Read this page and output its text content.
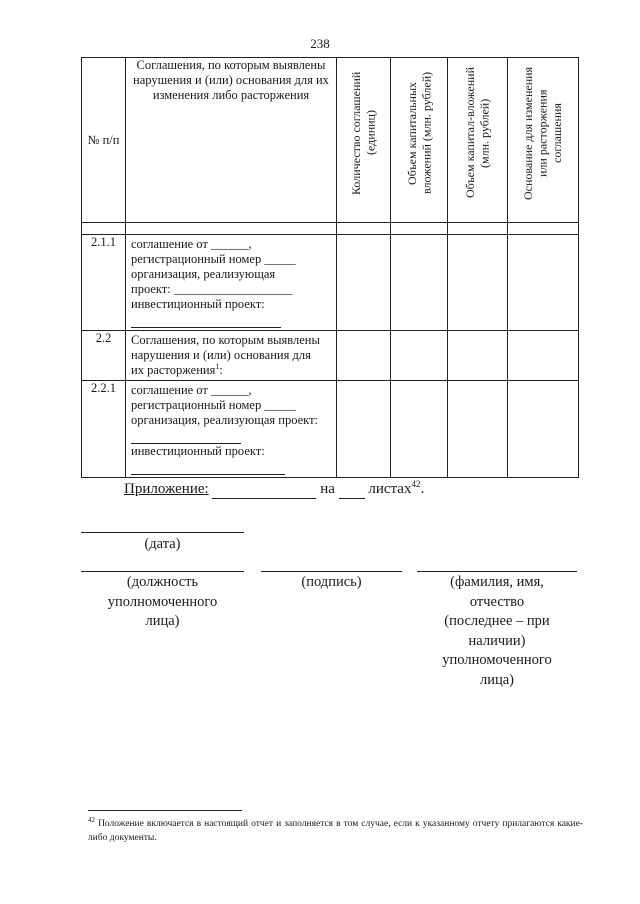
238
№ п/п	Соглашения, по которым выявлены нарушения и (или) основания для их изменения либо расторжения	Количество соглашений (единиц)	Объем капитальных вложений (млн. рублей)	Объем капитал-вложений (млн. рублей)	Основание для изменения или расторжения соглашения

2.1.1	соглашение от ______,
регистрационный номер _____
организация, реализующая
проект: ___________________
инвестиционный проект:				

2.2	Соглашения, по которым выявлены
нарушения и (или) основания для
их расторжения$^1$:				

2.2.1	соглашение от ______,
регистрационный номер _____
организация, реализующая проект:

инвестиционный проект:				

Приложение:	на листах$^{42}$.
(дата)
(должность
уполномоченного
лица)
(подпись)	(фамилия, имя,
отчество
(последнее – при
наличии)
уполномоченного
лица)
$^{42}$ Положение включается в настоящий отчет и заполняется в том случае, если к указанному отчету прилагаются какие-либо документы.
